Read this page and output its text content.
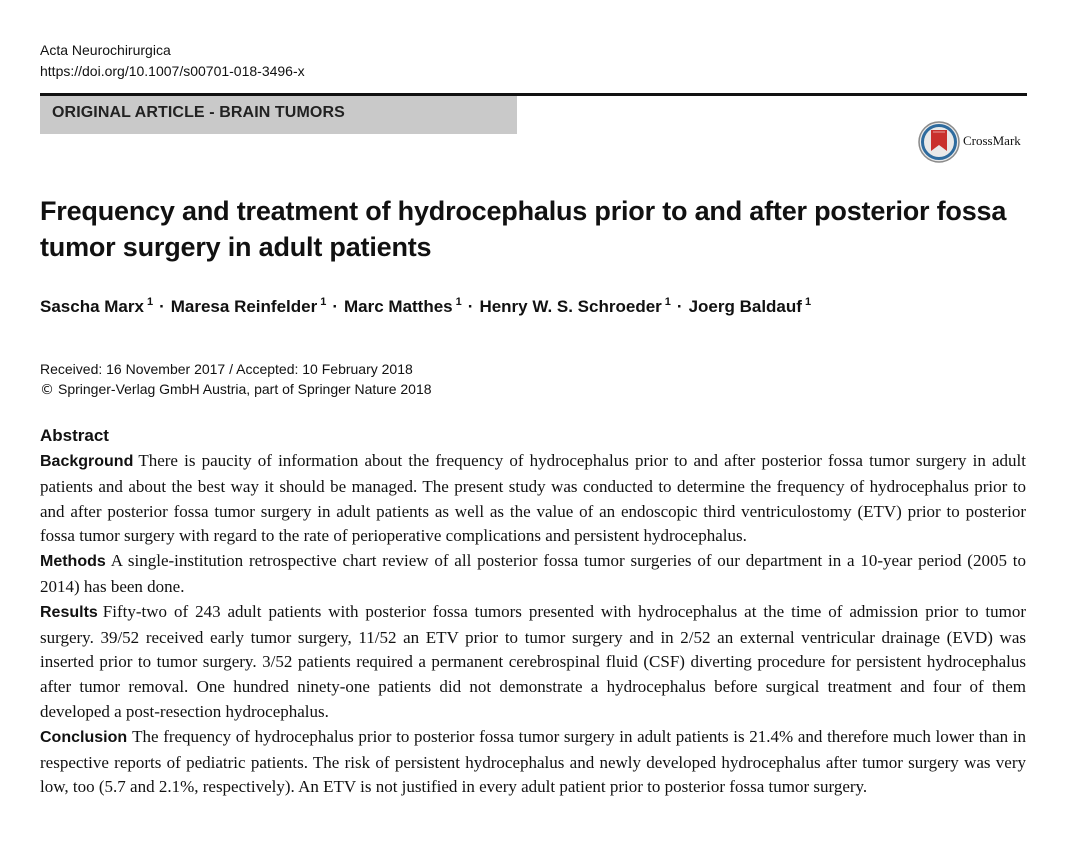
Acta Neurochirurgica
https://doi.org/10.1007/s00701-018-3496-x
ORIGINAL ARTICLE - BRAIN TUMORS
CrossMark
Frequency and treatment of hydrocephalus prior to and after posterior fossa tumor surgery in adult patients
Sascha Marx $^1$ · Maresa Reinfelder $^1$ · Marc Matthes $^1$ · Henry W. S. Schroeder $^1$ · Joerg Baldauf $^1$
Received: 16 November 2017 / Accepted: 10 February 2018
© Springer-Verlag GmbH Austria, part of Springer Nature 2018
Abstract

Background There is paucity of information about the frequency of hydrocephalus prior to and after posterior fossa tumor surgery in adult patients and about the best way it should be managed. The present study was conducted to determine the frequency of hydrocephalus prior to and after posterior fossa tumor surgery in adult patients as well as the value of an endoscopic third ventriculostomy (ETV) prior to posterior fossa tumor surgery with regard to the rate of perioperative complications and persistent hydrocephalus.

Methods A single-institution retrospective chart review of all posterior fossa tumor surgeries of our department in a 10-year period (2005 to 2014) has been done.

Results Fifty-two of 243 adult patients with posterior fossa tumors presented with hydrocephalus at the time of admission prior to tumor surgery. 39/52 received early tumor surgery, 11/52 an ETV prior to tumor surgery and in 2/52 an external ventricular drainage (EVD) was inserted prior to tumor surgery. 3/52 patients required a permanent cerebrospinal fluid (CSF) diverting procedure for persistent hydrocephalus after tumor removal. One hundred ninety-one patients did not demonstrate a hydrocephalus before surgical treatment and four of them developed a post-resection hydrocephalus.

Conclusion The frequency of hydrocephalus prior to posterior fossa tumor surgery in adult patients is 21.4% and therefore much lower than in respective reports of pediatric patients. The risk of persistent hydrocephalus and newly developed hydrocephalus after tumor surgery was very low, too (5.7 and 2.1%, respectively). An ETV is not justified in every adult patient prior to posterior fossa tumor surgery.
